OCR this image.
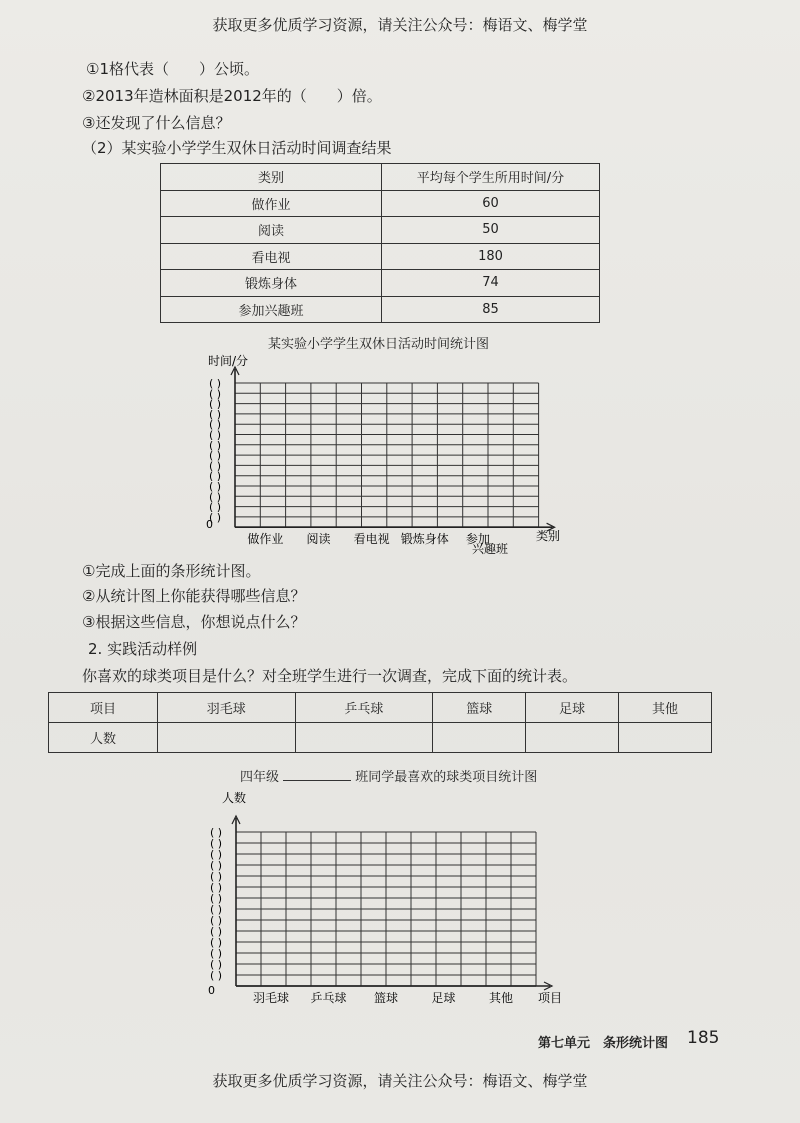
获取更多优质学习资源，请关注公众号：梅语文、梅学堂
①1格代表（　　）公顷。
②2013年造林面积是2012年的（　　）倍。
③还发现了什么信息？
（2）某实验小学学生双休日活动时间调查结果
类别	平均每个学生所用时间/分
做作业	60
阅读	50
看电视	180
锻炼身体	74
参加兴趣班	85
某实验小学学生双休日活动时间统计图
时间/分
0
类别
兴趣班
( )
( )
( )
( )
( )
( )
( )
( )
( )
( )
( )
( )
( )
( )
做作业 阅读 看电视 锻炼身体 参加
①完成上面的条形统计图。
②从统计图上你能获得哪些信息？
③根据这些信息，你想说点什么？
2. 实践活动样例
你喜欢的球类项目是什么？对全班学生进行一次调查，完成下面的统计表。
项目	羽毛球	乒乓球	篮球	足球	其他
人数					
四年级	班同学最喜欢的球类项目统计图
人数
0
项目
( )
( )
( )
( )
( )
( )
( )
( )
( )
( )
( )
( )
( )
( )
羽毛球 乒乓球 篮球	足球	其他
第七单元　条形统计图 185
获取更多优质学习资源，请关注公众号：梅语文、梅学堂
